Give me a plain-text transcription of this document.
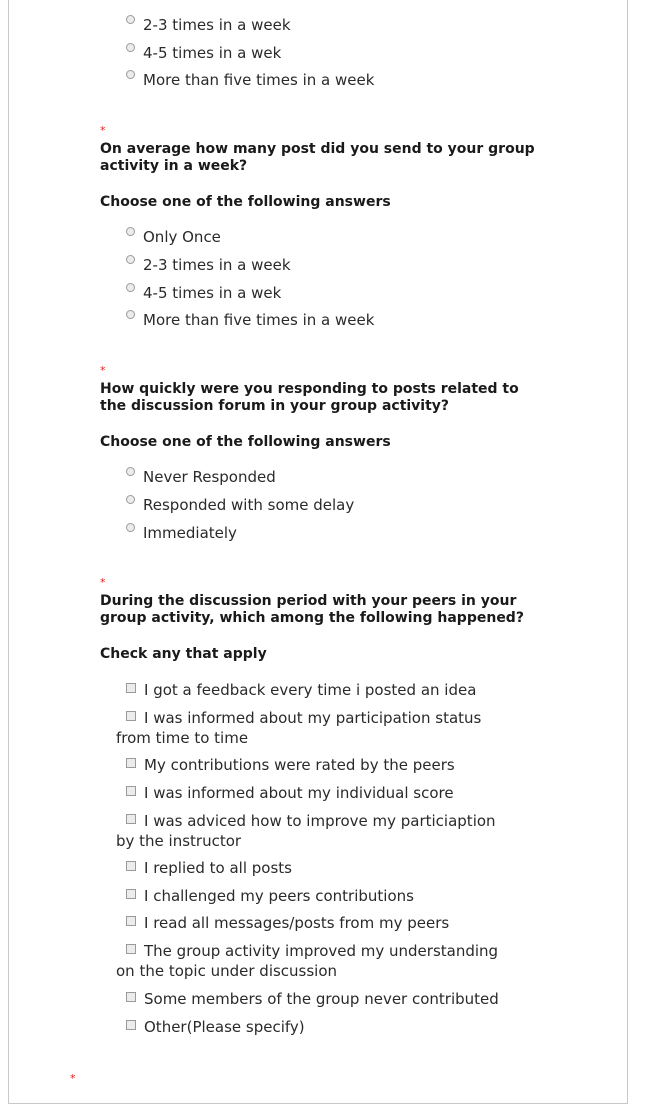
2-3 times in a week
4-5 times in a wek
More than five times in a week
*
On average how many post did you send to your group activity in a week?
Choose one of the following answers
Only Once
2-3 times in a week
4-5 times in a wek
More than five times in a week
*
How quickly were you responding to posts related to the discussion forum in your group activity?
Choose one of the following answers
Never Responded
Responded with some delay
Immediately
*
During the discussion period with your peers in your group activity, which among the following happened?
Check any that apply
I got a feedback every time i posted an idea
I was informed about my participation status from time to time
My contributions were rated by the peers
I was informed about my individual score
I was adviced how to improve my particiaption by the instructor
I replied to all posts
I challenged my peers contributions
I read all messages/posts from my peers
The group activity improved my understanding on the topic under discussion
Some members of the group never contributed
Other(Please specify)
*
